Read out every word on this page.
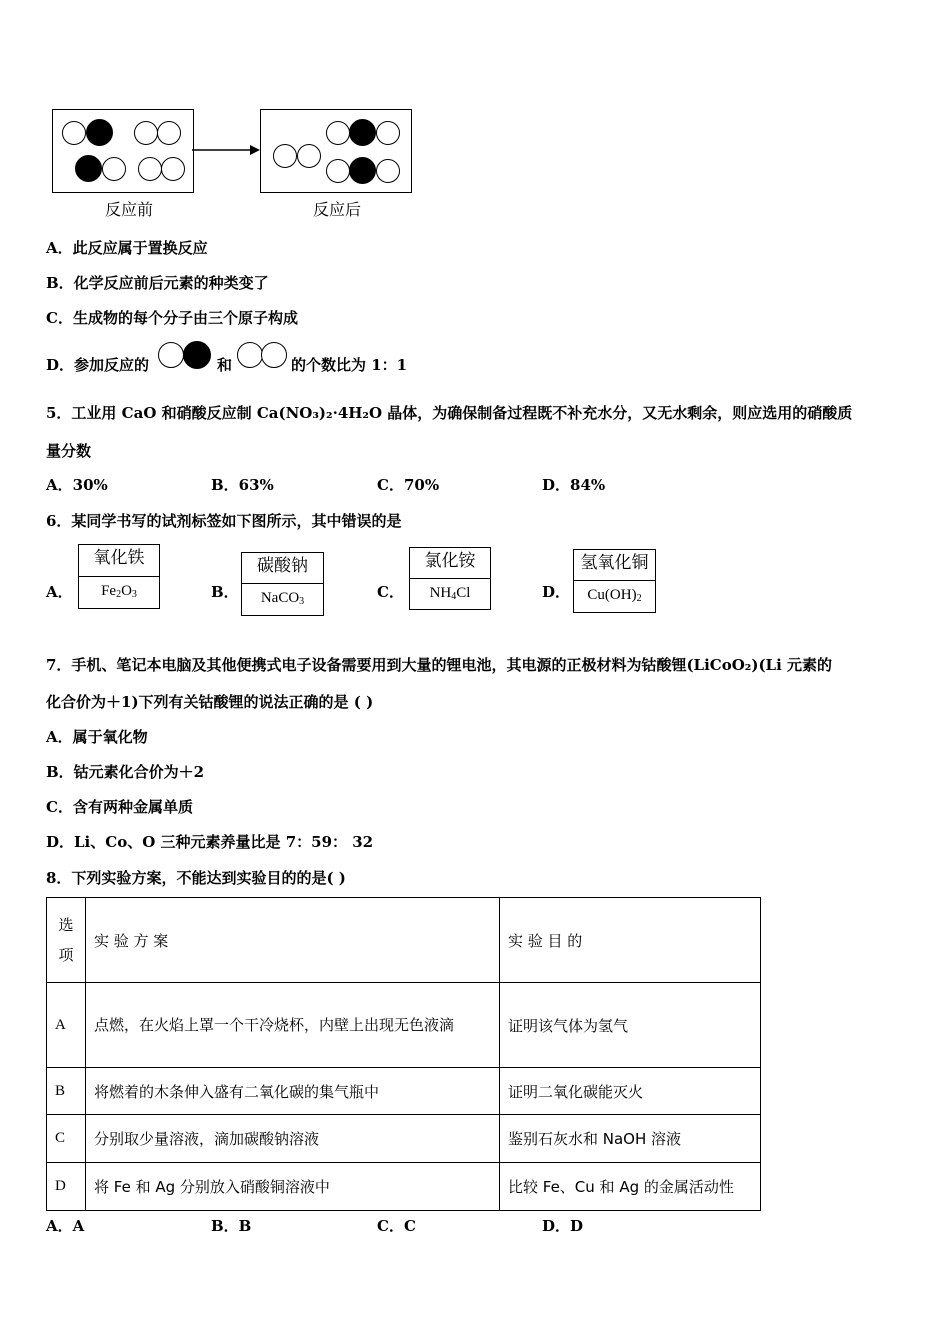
反应前	反应后
A．此反应属于置换反应
B．化学反应前后元素的种类变了
C．生成物的每个分子由三个原子构成
D．参加反应的	和	的个数比为 1：1
5．工业用 CaO 和硝酸反应制 Ca(NO₃)₂·4H₂O 晶体，为确保制备过程既不补充水分，又无水剩余，则应选用的硝酸质
量分数
A．30%	B．63%	C．70%	D．84%
6．某同学书写的试剂标签如下图所示，其中错误的是
A．
氧化铁
$Fe_2O_3$	B．
碳酸钠
NaCO$_3$
C．
氯化铵
$NH_4Cl$	D．
氢氧化铜
$Cu(OH)_2$
7．手机、笔记本电脑及其他便携式电子设备需要用到大量的锂电池，其电源的正极材料为钴酸锂(LiCoO₂)(Li 元素的
化合价为＋1)下列有关钴酸锂的说法正确的是 ( )
A．属于氧化物
B．钴元素化合价为＋2
C．含有两种金属单质
D．Li、Co、O 三种元素养量比是 7：59： 32
8．下列实验方案，不能达到实验目的的是( )
选项	实 验 方 案	实 验 目 的
A	点燃，在火焰上罩一个干冷烧杯，内壁上出现无色液滴	证明该气体为氢气
B	将燃着的木条伸入盛有二氧化碳的集气瓶中	证明二氧化碳能灭火
C	分别取少量溶液，滴加碳酸钠溶液	鉴别石灰水和 NaOH 溶液
D	将 Fe 和 Ag 分别放入硝酸铜溶液中	比较 Fe、Cu 和 Ag 的金属活动性
A．A	B．B	C．C	D．D
